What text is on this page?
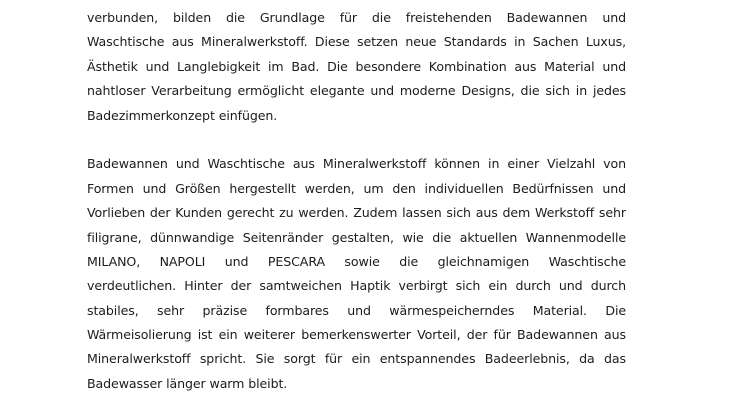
verbunden, bilden die Grundlage für die freistehenden Badewannen und
Waschtische aus Mineralwerkstoff. Diese setzen neue Standards in Sachen Luxus,
Ästhetik und Langlebigkeit im Bad. Die besondere Kombination aus Material und
nahtloser Verarbeitung ermöglicht elegante und moderne Designs, die sich in jedes
Badezimmerkonzept einfügen.
Badewannen und Waschtische aus Mineralwerkstoff können in einer Vielzahl von
Formen und Größen hergestellt werden, um den individuellen Bedürfnissen und
Vorlieben der Kunden gerecht zu werden. Zudem lassen sich aus dem Werkstoff sehr
filigrane, dünnwandige Seitenränder gestalten, wie die aktuellen Wannenmodelle
MILANO, NAPOLI und PESCARA sowie die gleichnamigen Waschtische
verdeutlichen. Hinter der samtweichen Haptik verbirgt sich ein durch und durch
stabiles, sehr präzise formbares und wärmespeicherndes Material. Die
Wärmeisolierung ist ein weiterer bemerkenswerter Vorteil, der für Badewannen aus
Mineralwerkstoff spricht. Sie sorgt für ein entspannendes Badeerlebnis, da das
Badewasser länger warm bleibt.
